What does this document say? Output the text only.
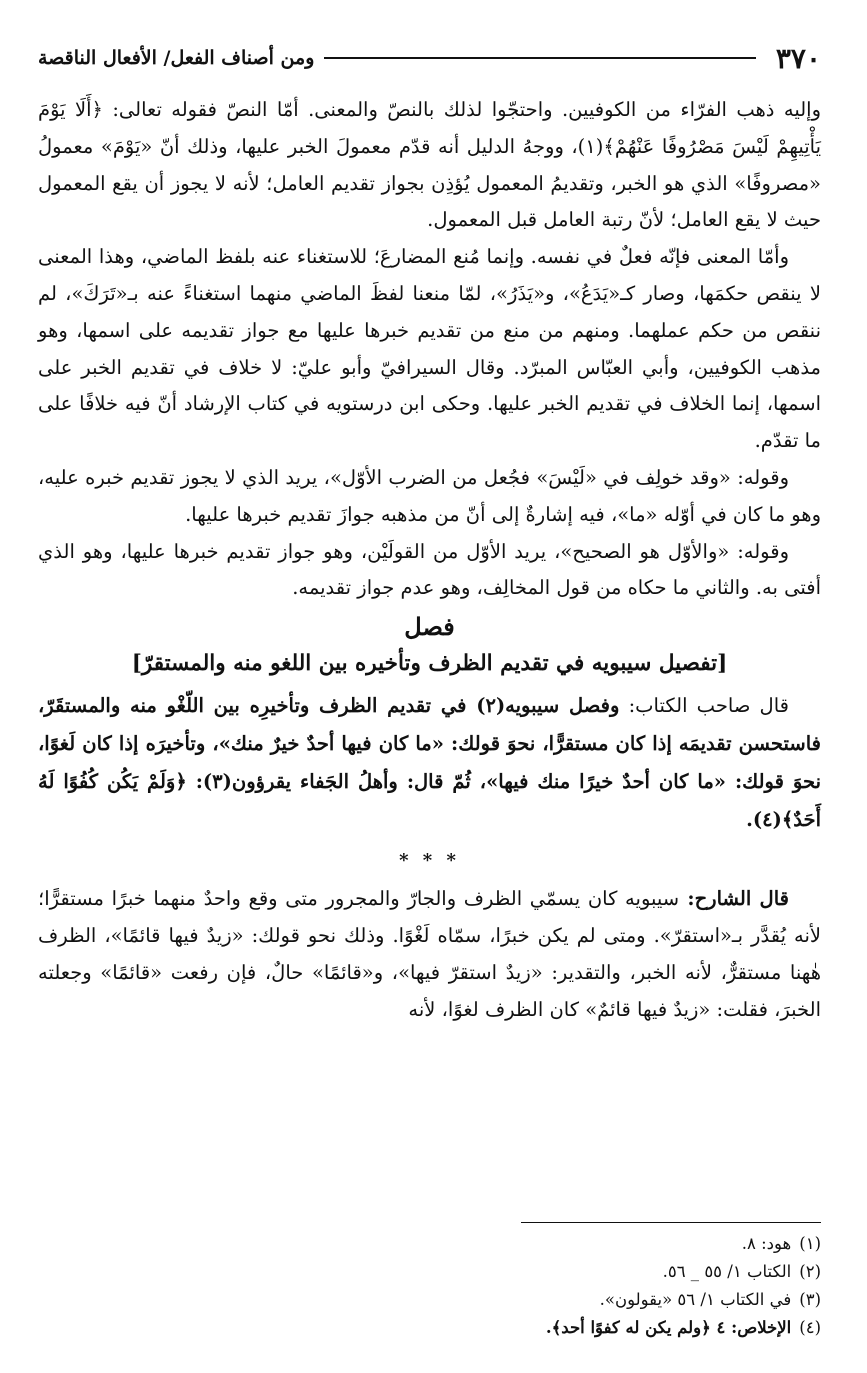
٣٧٠
ومن أصناف الفعل/ الأفعال الناقصة

وإليه ذهب الفرّاء من الكوفيين. واحتجّوا لذلك بالنصّ والمعنى. أمّا النصّ فقوله تعالى: ﴿أَلَا يَوْمَ يَأْتِيهِمْ لَيْسَ مَصْرُوفًا عَنْهُمْ﴾(١)، ووجهُ الدليل أنه قدّم معمولَ الخبر عليها، وذلك أنّ «يَوْمَ» معمولُ «مصروفًا» الذي هو الخبر، وتقديمُ المعمول يُؤذِن بجواز تقديم العامل؛ لأنه لا يجوز أن يقع المعمول حيث لا يقع العامل؛ لأنّ رتبة العامل قبل المعمول.

وأمّا المعنى فإنّه فعلٌ في نفسه. وإنما مُنع المضارعَ؛ للاستغناء عنه بلفظ الماضي، وهذا المعنى لا ينقص حكمَها، وصار كـ«يَدَعُ»، و«يَذَرُ»، لمّا منعنا لفظَ الماضي منهما استغناءً عنه بـ«تَرَكَ»، لم ننقص من حكم عملهما. ومنهم من منع من تقديم خبرها عليها مع جواز تقديمه على اسمها، وهو مذهب الكوفيين، وأبي العبّاس المبرّد. وقال السيرافيّ وأبو عليّ: لا خلاف في تقديم الخبر على اسمها، إنما الخلاف في تقديم الخبر عليها. وحكى ابن درستويه في كتاب الإرشاد أنّ فيه خلافًا على ما تقدّم.

وقوله: «وقد خولِف في «لَيْسَ» فجُعل من الضرب الأوّل»، يريد الذي لا يجوز تقديم خبره عليه، وهو ما كان في أوّله «ما»، فيه إشارةٌ إلى أنّ من مذهبه جوازَ تقديم خبرها عليها.

وقوله: «والأوّل هو الصحيح»، يريد الأوّل من القولَيْن، وهو جواز تقديم خبرها عليها، وهو الذي أفتى به. والثاني ما حكاه من قول المخالِف، وهو عدم جواز تقديمه.

فصل
[تفصيل سيبويه في تقديم الظرف وتأخيره بين اللغو منه والمستقرّ]

قال صاحب الكتاب: وفصل سيبويه(٢) في تقديم الظرف وتأخيرِه بين اللّغْو منه والمستقَرّ، فاستحسن تقديمَه إذا كان مستقرًّا، نحوَ قولك: «ما كان فيها أحدٌ خيرٌ منك»، وتأخيرَه إذا كان لَغوًا، نحوَ قولك: «ما كان أحدٌ خيرًا منك فيها»، ثُمّ قال: وأهلُ الجَفاء يقرؤون(٣): ﴿وَلَمْ يَكُن كُفُوًا لَهُ أَحَدٌ﴾(٤).

* * *

قال الشارح: سيبويه كان يسمّي الظرف والجارّ والمجرور متى وقع واحدٌ منهما خبرًا مستقرًّا؛ لأنه يُقدَّر بـ«استقرّ». ومتى لم يكن خبرًا، سمّاه لَغْوًا. وذلك نحو قولك: «زيدٌ فيها قائمًا»، الظرف هٰهنا مستقرٌّ، لأنه الخبر، والتقدير: «زيدٌ استقرّ فيها»، و«قائمًا» حالٌ، فإن رفعت «قائمًا» وجعلته الخبرَ، فقلت: «زيدٌ فيها قائمٌ» كان الظرف لغوًا، لأنه

(١)هود: ٨.
(٢)الكتاب ١/ ٥٥ _ ٥٦.
(٣)في الكتاب ١/ ٥٦ «يقولون».
(٤)الإخلاص: ٤ ﴿ولم يكن له كفوًا أحد﴾.
